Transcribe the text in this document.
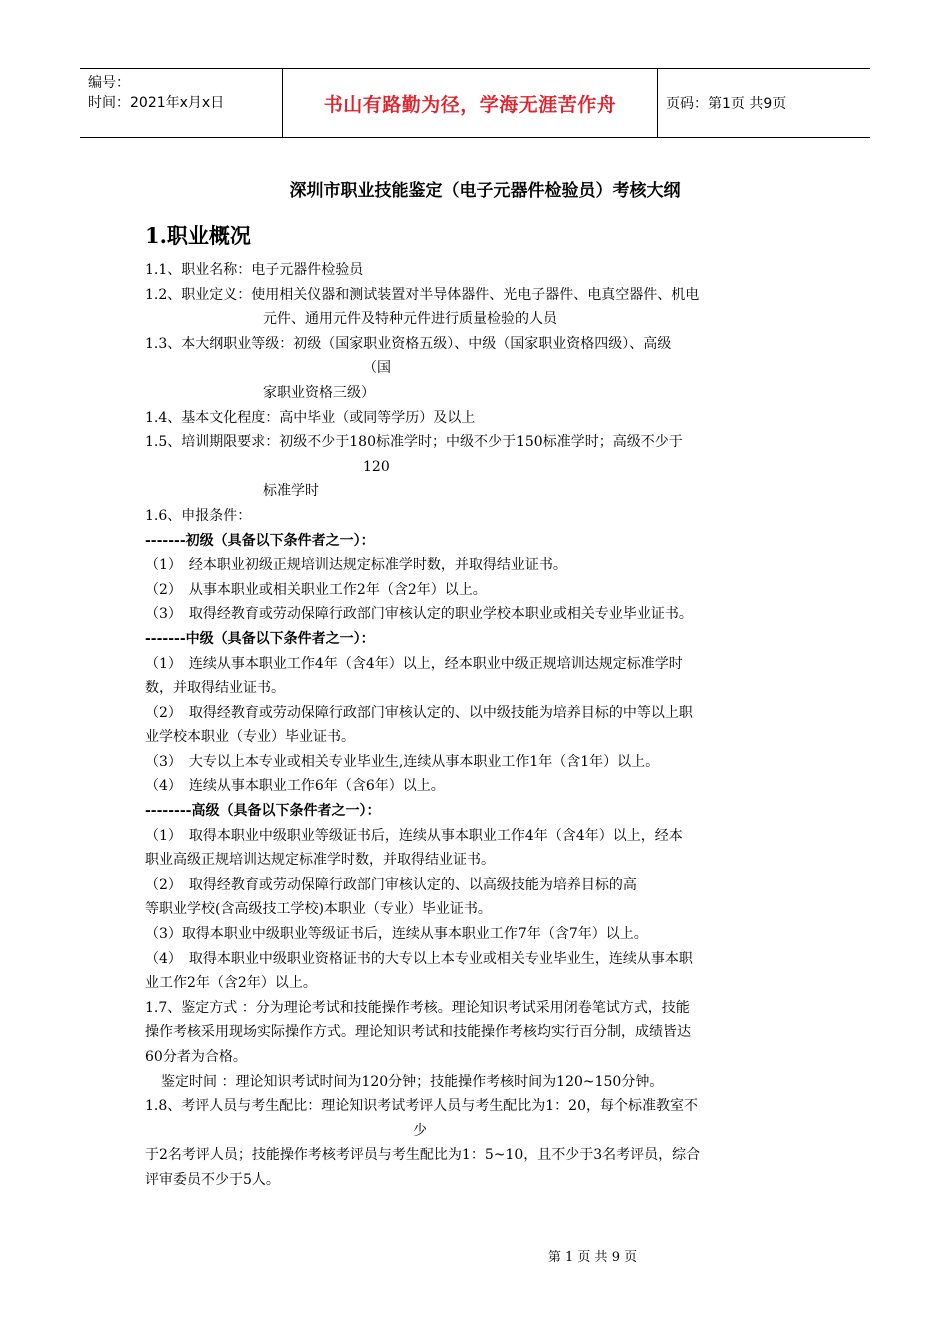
编号：
时间：2021年x月x日	书山有路勤为径，学海无涯苦作舟	页码：第1页 共9页
深圳市职业技能鉴定（电子元器件检验员）考核大纲
1.职业概况

1.1、职业名称：电子元器件检验员

1.2、职业定义：使用相关仪器和测试装置对半导体器件、光电子器件、电真空器件、机电

元件、通用元件及特种元件进行质量检验的人员

1.3、本大纲职业等级：初级（国家职业资格五级）、中级（国家职业资格四级）、高级

（国

家职业资格三级）

1.4、基本文化程度：高中毕业（或同等学历）及以上

1.5、培训期限要求：初级不少于180标准学时；中级不少于150标准学时；高级不少于

120

标准学时

1.6、申报条件：

-------初级（具备以下条件者之一）：

（1）　经本职业初级正规培训达规定标准学时数，并取得结业证书。

（2）　从事本职业或相关职业工作2年（含2年）以上。

（3）　取得经教育或劳动保障行政部门审核认定的职业学校本职业或相关专业毕业证书。

-------中级（具备以下条件者之一）：

（1）　连续从事本职业工作4年（含4年）以上，经本职业中级正规培训达规定标准学时

数，并取得结业证书。

（2）　取得经教育或劳动保障行政部门审核认定的、以中级技能为培养目标的中等以上职

业学校本职业（专业）毕业证书。

（3）　大专以上本专业或相关专业毕业生,连续从事本职业工作1年（含1年）以上。

（4）　连续从事本职业工作6年（含6年）以上。

--------高级（具备以下条件者之一）：

（1）　取得本职业中级职业等级证书后，连续从事本职业工作4年（含4年）以上，经本

职业高级正规培训达规定标准学时数，并取得结业证书。

（2）　取得经教育或劳动保障行政部门审核认定的、以高级技能为培养目标的高

等职业学校(含高级技工学校)本职业（专业）毕业证书。

（3）取得本职业中级职业等级证书后，连续从事本职业工作7年（含7年）以上。

（4）　取得本职业中级职业资格证书的大专以上本专业或相关专业毕业生，连续从事本职

业工作2年（含2年）以上。

1.7、鉴定方式 ：分为理论考试和技能操作考核。理论知识考试采用闭卷笔试方式，技能

操作考核采用现场实际操作方式。理论知识考试和技能操作考核均实行百分制，成绩皆达

60分者为合格。

鉴定时间 ：理论知识考试时间为120分钟；技能操作考核时间为120~150分钟。

1.8、考评人员与考生配比：理论知识考试考评人员与考生配比为1：20，每个标准教室不

少

于2名考评人员；技能操作考核考评员与考生配比为1：5~10，且不少于3名考评员，综合

评审委员不少于5人。

第 1 页 共 9 页
